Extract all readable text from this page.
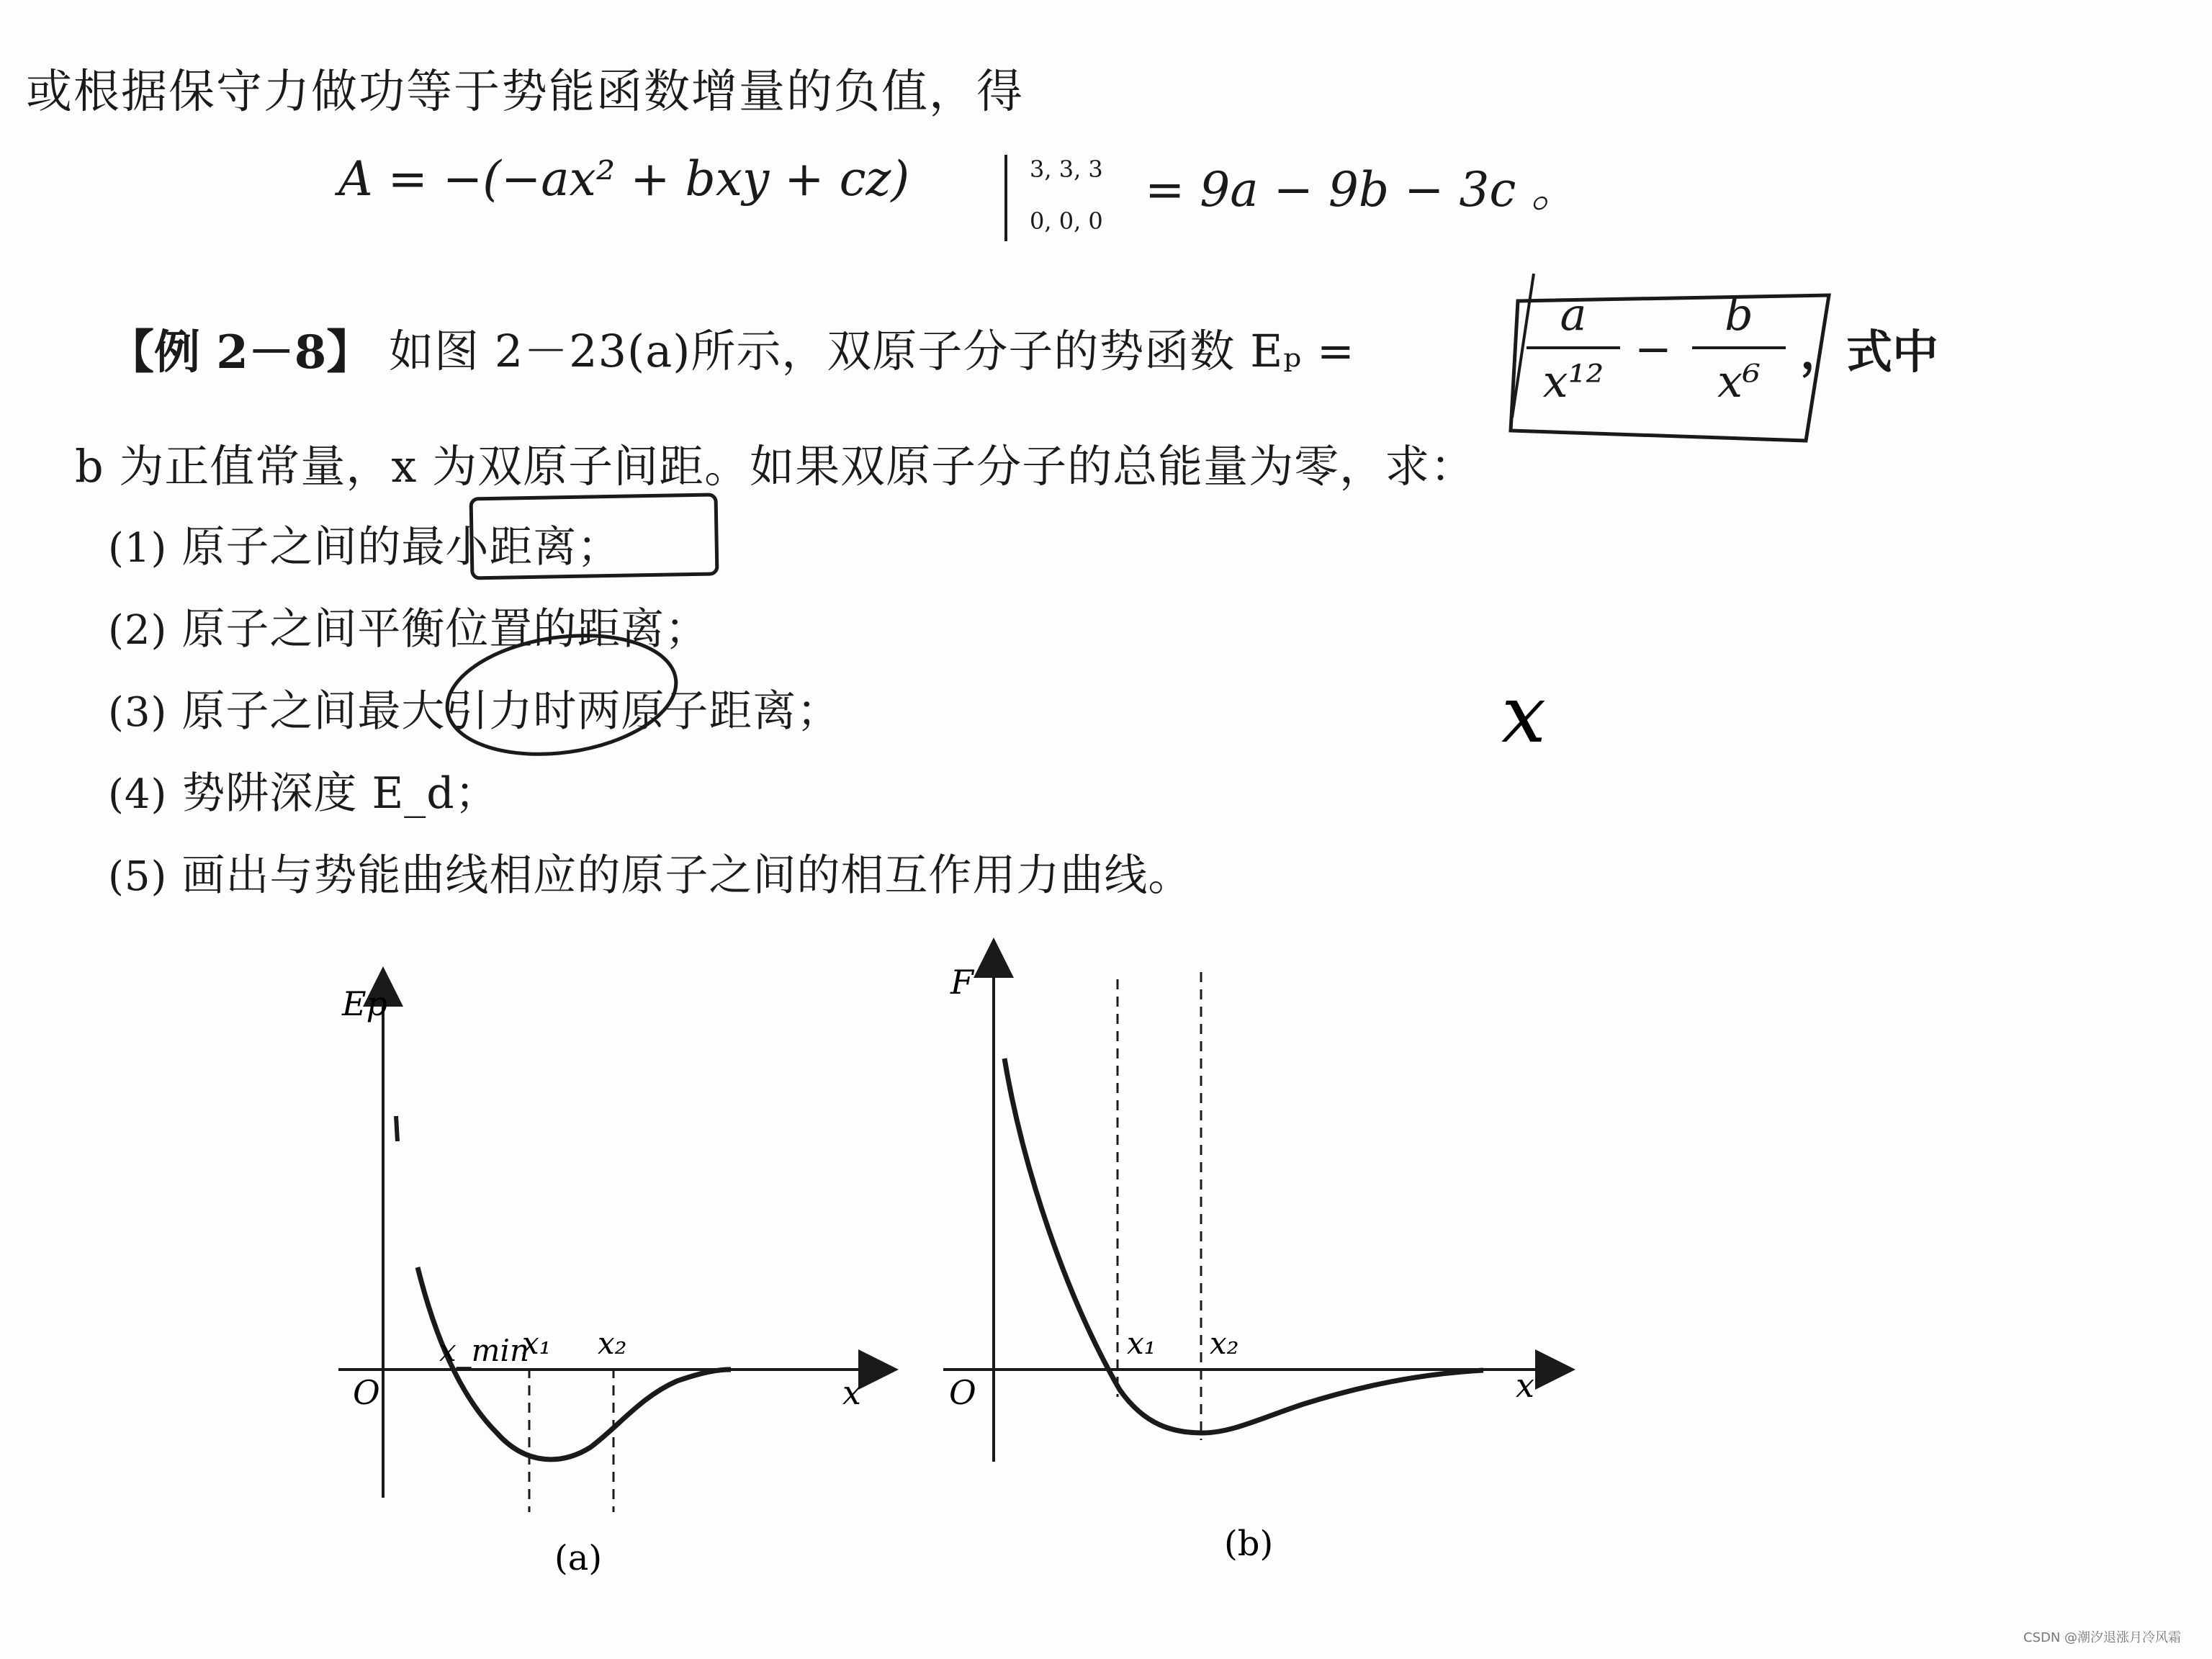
或根据保守力做功等于势能函数增量的负值，得
A = −(−ax² + bxy + cz)	3, 3, 3
0, 0, 0
= 9a − 9b − 3c 。
【例 2－8】 如图 2－23(a)所示，双原子分子的势函数 Eₚ =
a
x¹²
−
b
x⁶
，式中
b 为正值常量，x 为双原子间距。如果双原子分子的总能量为零，求：
(1) 原子之间的最小距离；
(2) 原子之间平衡位置的距离；
(3) 原子之间最大引力时两原子距离；
(4) 势阱深度 E_d；
(5) 画出与势能曲线相应的原子之间的相互作用力曲线。
x
Ep
O	x
x_min
x₁ x₂
(a)
F
O	x
x₁ x₂
(b)
CSDN @潮汐退涨月冷风霜
